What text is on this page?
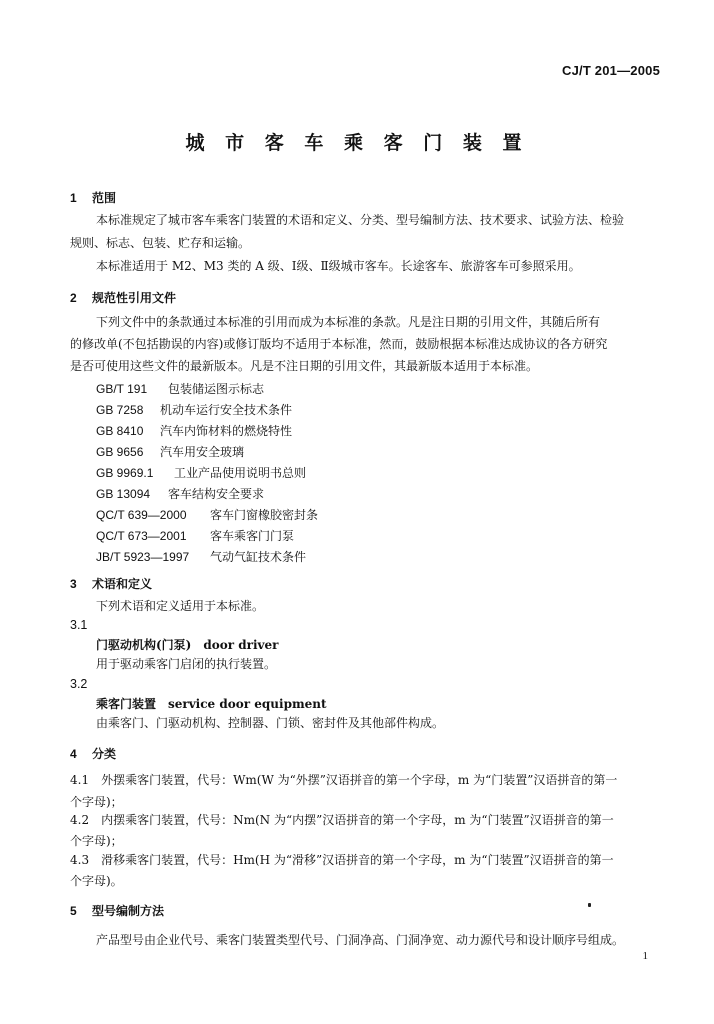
CJ/T 201—2005
城 市 客 车 乘 客 门 装 置
1 范围
本标准规定了城市客车乘客门装置的术语和定义、分类、型号编制方法、技术要求、试验方法、检验
规则、标志、包装、贮存和运输。
本标准适用于 M2、M3 类的 A 级、Ⅰ级、Ⅱ级城市客车。长途客车、旅游客车可参照采用。
2 规范性引用文件
下列文件中的条款通过本标准的引用而成为本标准的条款。凡是注日期的引用文件，其随后所有
的修改单(不包括勘误的内容)或修订版均不适用于本标准，然而，鼓励根据本标准达成协议的各方研究
是否可使用这些文件的最新版本。凡是不注日期的引用文件，其最新版本适用于本标准。
GB/T 191 包装储运图示标志
GB 7258 机动车运行安全技术条件
GB 8410 汽车内饰材料的燃烧特性
GB 9656 汽车用安全玻璃
GB 9969.1 工业产品使用说明书总则
GB 13094 客车结构安全要求
QC/T 639—2000 客车门窗橡胶密封条
QC/T 673—2001 客车乘客门门泵
JB/T 5923—1997 气动气缸技术条件
3 术语和定义
下列术语和定义适用于本标准。
3.1
门驱动机构(门泵)　door driver
用于驱动乘客门启闭的执行装置。
3.2
乘客门装置　service door equipment
由乘客门、门驱动机构、控制器、门锁、密封件及其他部件构成。
4 分类
4.1　外摆乘客门装置，代号：Wm(W 为“外摆”汉语拼音的第一个字母，m 为“门装置”汉语拼音的第一
个字母)；
4.2　内摆乘客门装置，代号：Nm(N 为“内摆”汉语拼音的第一个字母，m 为“门装置”汉语拼音的第一
个字母)；
4.3　滑移乘客门装置，代号：Hm(H 为“滑移”汉语拼音的第一个字母，m 为“门装置”汉语拼音的第一
个字母)。
5 型号编制方法
产品型号由企业代号、乘客门装置类型代号、门洞净高、门洞净宽、动力源代号和设计顺序号组成。
1
